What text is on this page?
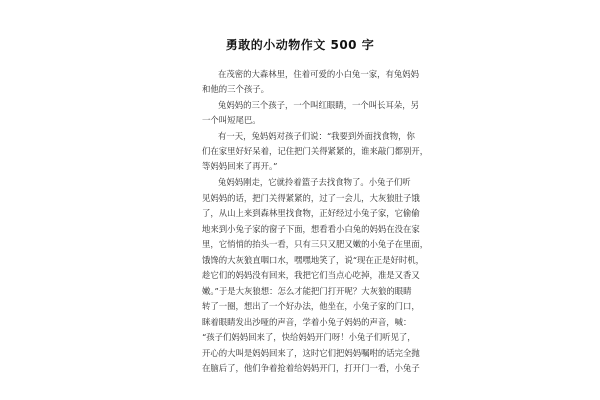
勇敢的小动物作文 500 字
在茂密的大森林里，住着可爱的小白兔一家，有兔妈妈
和他的三个孩子。
兔妈妈的三个孩子，一个叫红眼睛，一个叫长耳朵，另
一个叫短尾巴。
有一天，兔妈妈对孩子们说：“我要到外面找食物，你
们在家里好好呆着，记住把门关得紧紧的，谁来敲门都别开，
等妈妈回来了再开。”
兔妈妈刚走，它就拎着篮子去找食物了。小兔子们听
见妈妈的话，把门关得紧紧的，过了一会儿，大灰狼肚子饿
了，从山上来到森林里找食物，正好经过小兔子家，它偷偷
地来到小兔子家的窗子下面，想看看小白兔的妈妈在没在家
里，它悄悄的抬头一看，只有三只又肥又嫩的小兔子在里面，
饿馋的大灰狼直咽口水，嘿嘿地笑了，说“现在正是好时机，
趁它们的妈妈没有回来，我把它们当点心吃掉，准是又香又
嫩。”于是大灰狼想：怎么才能把门打开呢？大灰狼的眼睛
转了一圈，想出了一个好办法，他坐在，小兔子家的门口，
眯着眼睛发出沙哑的声音，学着小兔子妈妈的声音，喊：
“孩子们妈妈回来了，快给妈妈开门呀！小兔子们听见了，
开心的大叫是妈妈回来了，这时它们把妈妈嘱咐的话完全抛
在脑后了，他们争着抢着给妈妈开门，打开门一看，小兔子
